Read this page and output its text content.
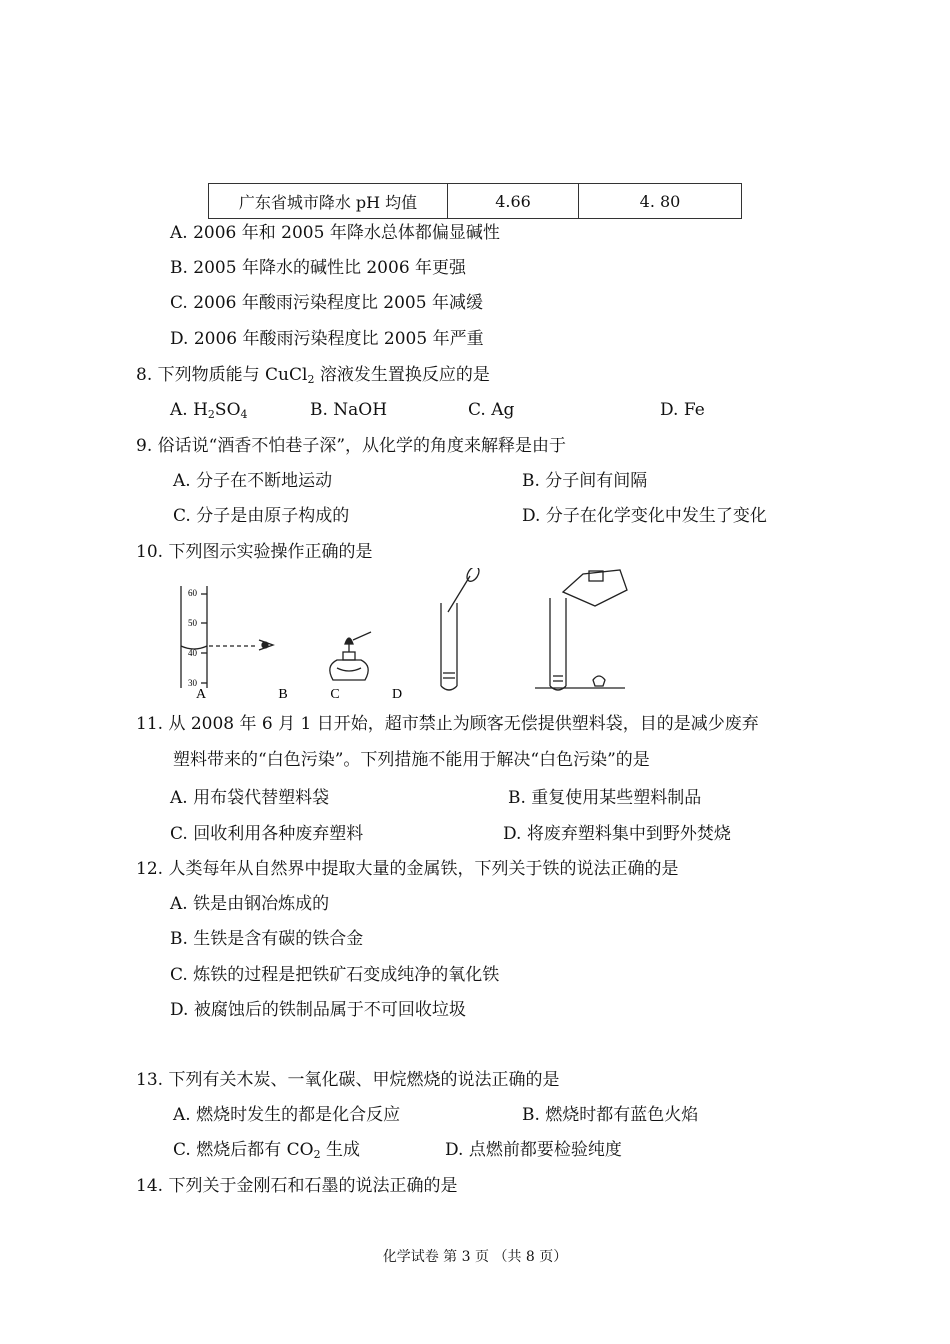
广东省城市降水 pH 均值	4.66	4. 80
A. 2006 年和 2005 年降水总体都偏显碱性
B. 2005 年降水的碱性比 2006 年更强
C. 2006 年酸雨污染程度比 2005 年减缓
D. 2006 年酸雨污染程度比 2005 年严重
8. 下列物质能与 CuCl$_2$ 溶液发生置换反应的是
A. $H_2SO_4$	B. NaOH	C. Ag	D. Fe
9. 俗话说“酒香不怕巷子深”，从化学的角度来解释是由于
A. 分子在不断地运动	B. 分子间有间隔
C. 分子是由原子构成的	D. 分子在化学变化中发生了变化
10. 下列图示实验操作正确的是
60
50
40
30
A	B	C	D
11. 从 2008 年 6 月 1 日开始，超市禁止为顾客无偿提供塑料袋，目的是减少废弃
塑料带来的“白色污染”。下列措施不能用于解决“白色污染”的是
A. 用布袋代替塑料袋	B. 重复使用某些塑料制品
C. 回收利用各种废弃塑料	D. 将废弃塑料集中到野外焚烧
12. 人类每年从自然界中提取大量的金属铁，下列关于铁的说法正确的是
A. 铁是由钢冶炼成的
B. 生铁是含有碳的铁合金
C. 炼铁的过程是把铁矿石变成纯净的氧化铁
D. 被腐蚀后的铁制品属于不可回收垃圾
13. 下列有关木炭、一氧化碳、甲烷燃烧的说法正确的是
A. 燃烧时发生的都是化合反应	B. 燃烧时都有蓝色火焰
C. 燃烧后都有 $CO_2$ 生成	D. 点燃前都要检验纯度
14. 下列关于金刚石和石墨的说法正确的是
化学试卷 第 3 页 （共 8 页）
